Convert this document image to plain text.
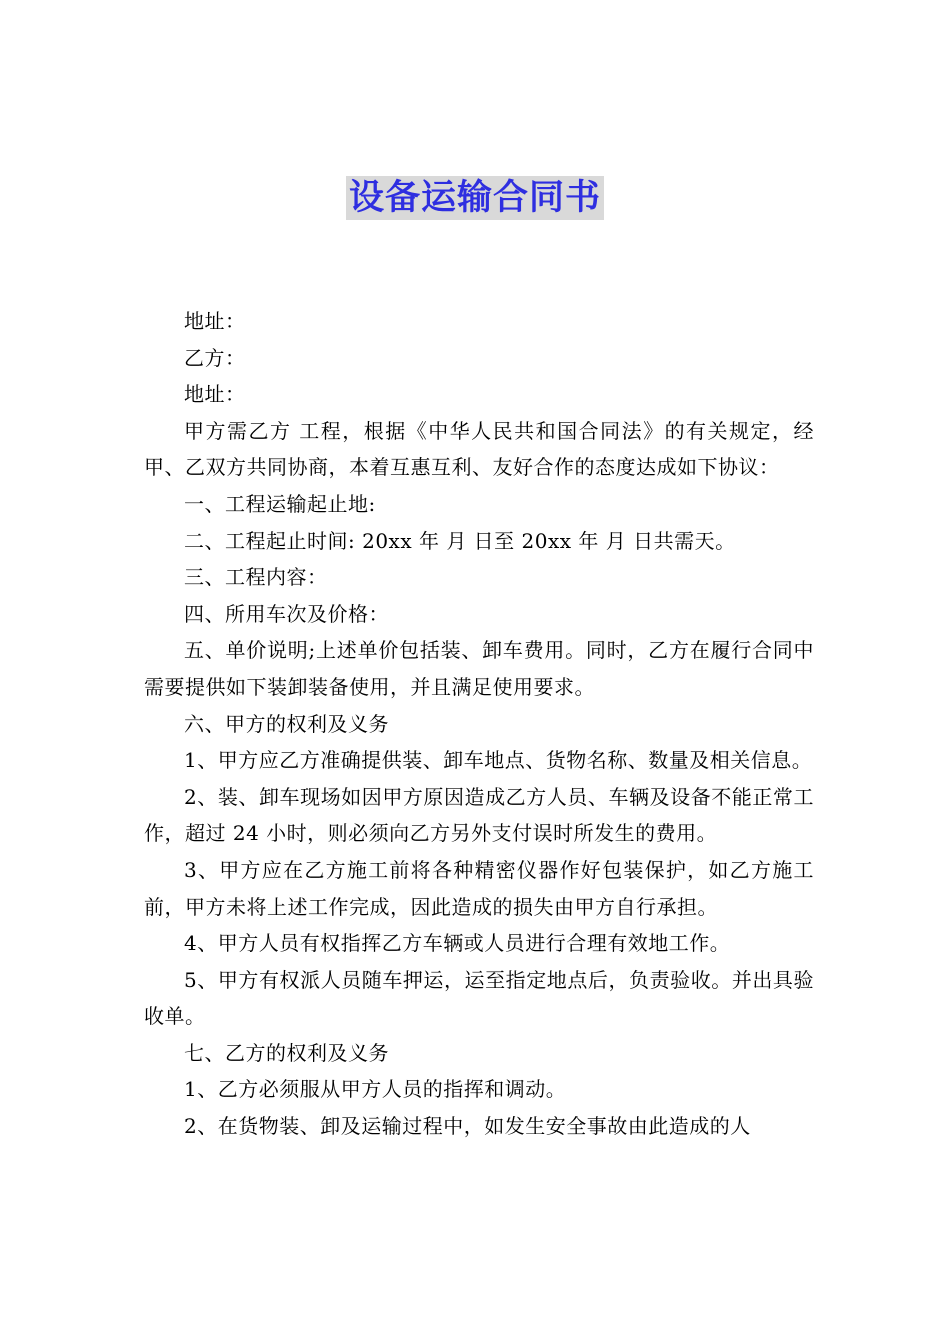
设备运输合同书

地址：

乙方：

地址：

甲方需乙方 工程，根据《中华人民共和国合同法》的有关规定，经甲、乙双方共同协商，本着互惠互利、友好合作的态度达成如下协议：

一、工程运输起止地:

二、工程起止时间: 20xx 年 月 日至 20xx 年 月 日共需天。

三、工程内容：

四、所用车次及价格：

五、单价说明;上述单价包括装、卸车费用。同时，乙方在履行合同中需要提供如下装卸装备使用，并且满足使用要求。

六、甲方的权利及义务

1、甲方应乙方准确提供装、卸车地点、货物名称、数量及相关信息。

2、装、卸车现场如因甲方原因造成乙方人员、车辆及设备不能正常工作，超过 24 小时，则必须向乙方另外支付误时所发生的费用。

3、甲方应在乙方施工前将各种精密仪器作好包装保护，如乙方施工前，甲方未将上述工作完成，因此造成的损失由甲方自行承担。

4、甲方人员有权指挥乙方车辆或人员进行合理有效地工作。

5、甲方有权派人员随车押运，运至指定地点后，负责验收。并出具验收单。

七、乙方的权利及义务

1、乙方必须服从甲方人员的指挥和调动。

2、在货物装、卸及运输过程中，如发生安全事故由此造成的人
